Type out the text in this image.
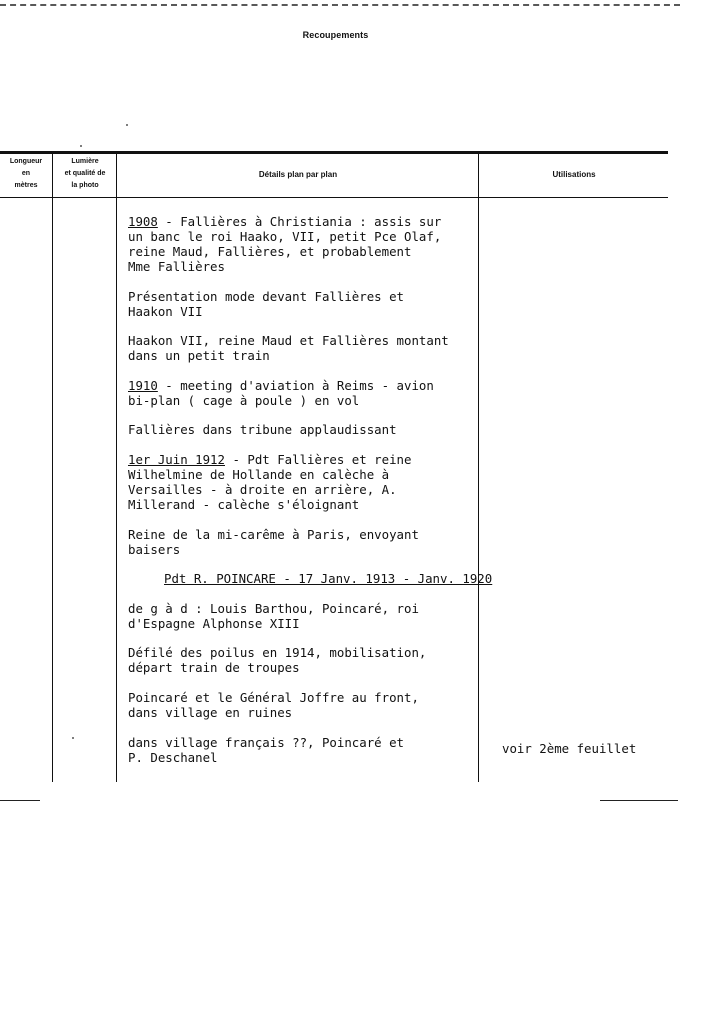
Recoupements
Longueur
en
mètres
Lumière
et qualité de
la photo
Détails plan par plan	Utilisations
1908 - Fallières à Christiania : assis sur
un banc le roi Haako, VII, petit Pce Olaf,
reine Maud, Fallières, et probablement
Mme Fallières
Présentation mode devant Fallières et
Haakon VII
Haakon VII, reine Maud et Fallières montant
dans un petit train
1910 - meeting d'aviation à Reims - avion
bi-plan ( cage à poule ) en vol
Fallières dans tribune applaudissant
1er Juin 1912 - Pdt Fallières et reine
Wilhelmine de Hollande en calèche à
Versailles - à droite en arrière, A.
Millerand - calèche s'éloignant
Reine de la mi-carême à Paris, envoyant
baisers
Pdt R. POINCARE - 17 Janv. 1913 - Janv. 1920
de g à d : Louis Barthou, Poincaré, roi
d'Espagne Alphonse XIII
Défilé des poilus en 1914, mobilisation,
départ train de troupes
Poincaré et le Général Joffre au front,
dans village en ruines
dans village français ??, Poincaré et
P. Deschanel
voir 2ème feuillet
